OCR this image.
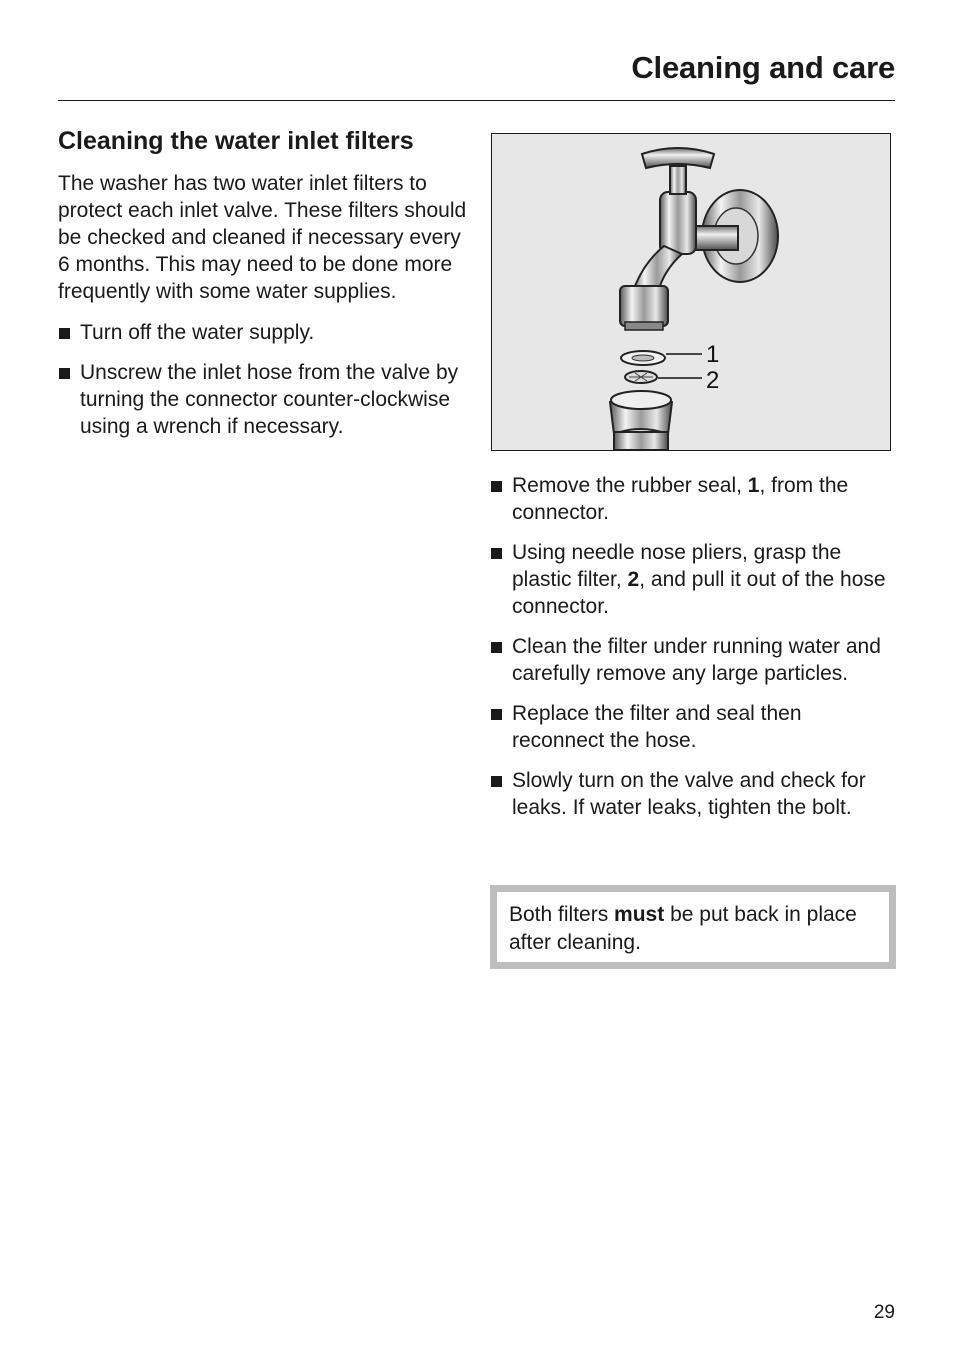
Cleaning and care
Cleaning the water inlet filters

The washer has two water inlet filters to protect each inlet valve. These filters should be checked and cleaned if necessary every 6 months. This may need to be done more frequently with some water supplies.

Turn off the water supply.
Unscrew the inlet hose from the valve by turning the connector counter-clockwise using a wrench if necessary.
1
2
Remove the rubber seal, 1, from the connector.
Using needle nose pliers, grasp the plastic filter, 2, and pull it out of the hose connector.
Clean the filter under running water and carefully remove any large particles.
Replace the filter and seal then reconnect the hose.
Slowly turn on the valve and check for leaks. If water leaks, tighten the bolt.
Both filters must be put back in place after cleaning.
29
